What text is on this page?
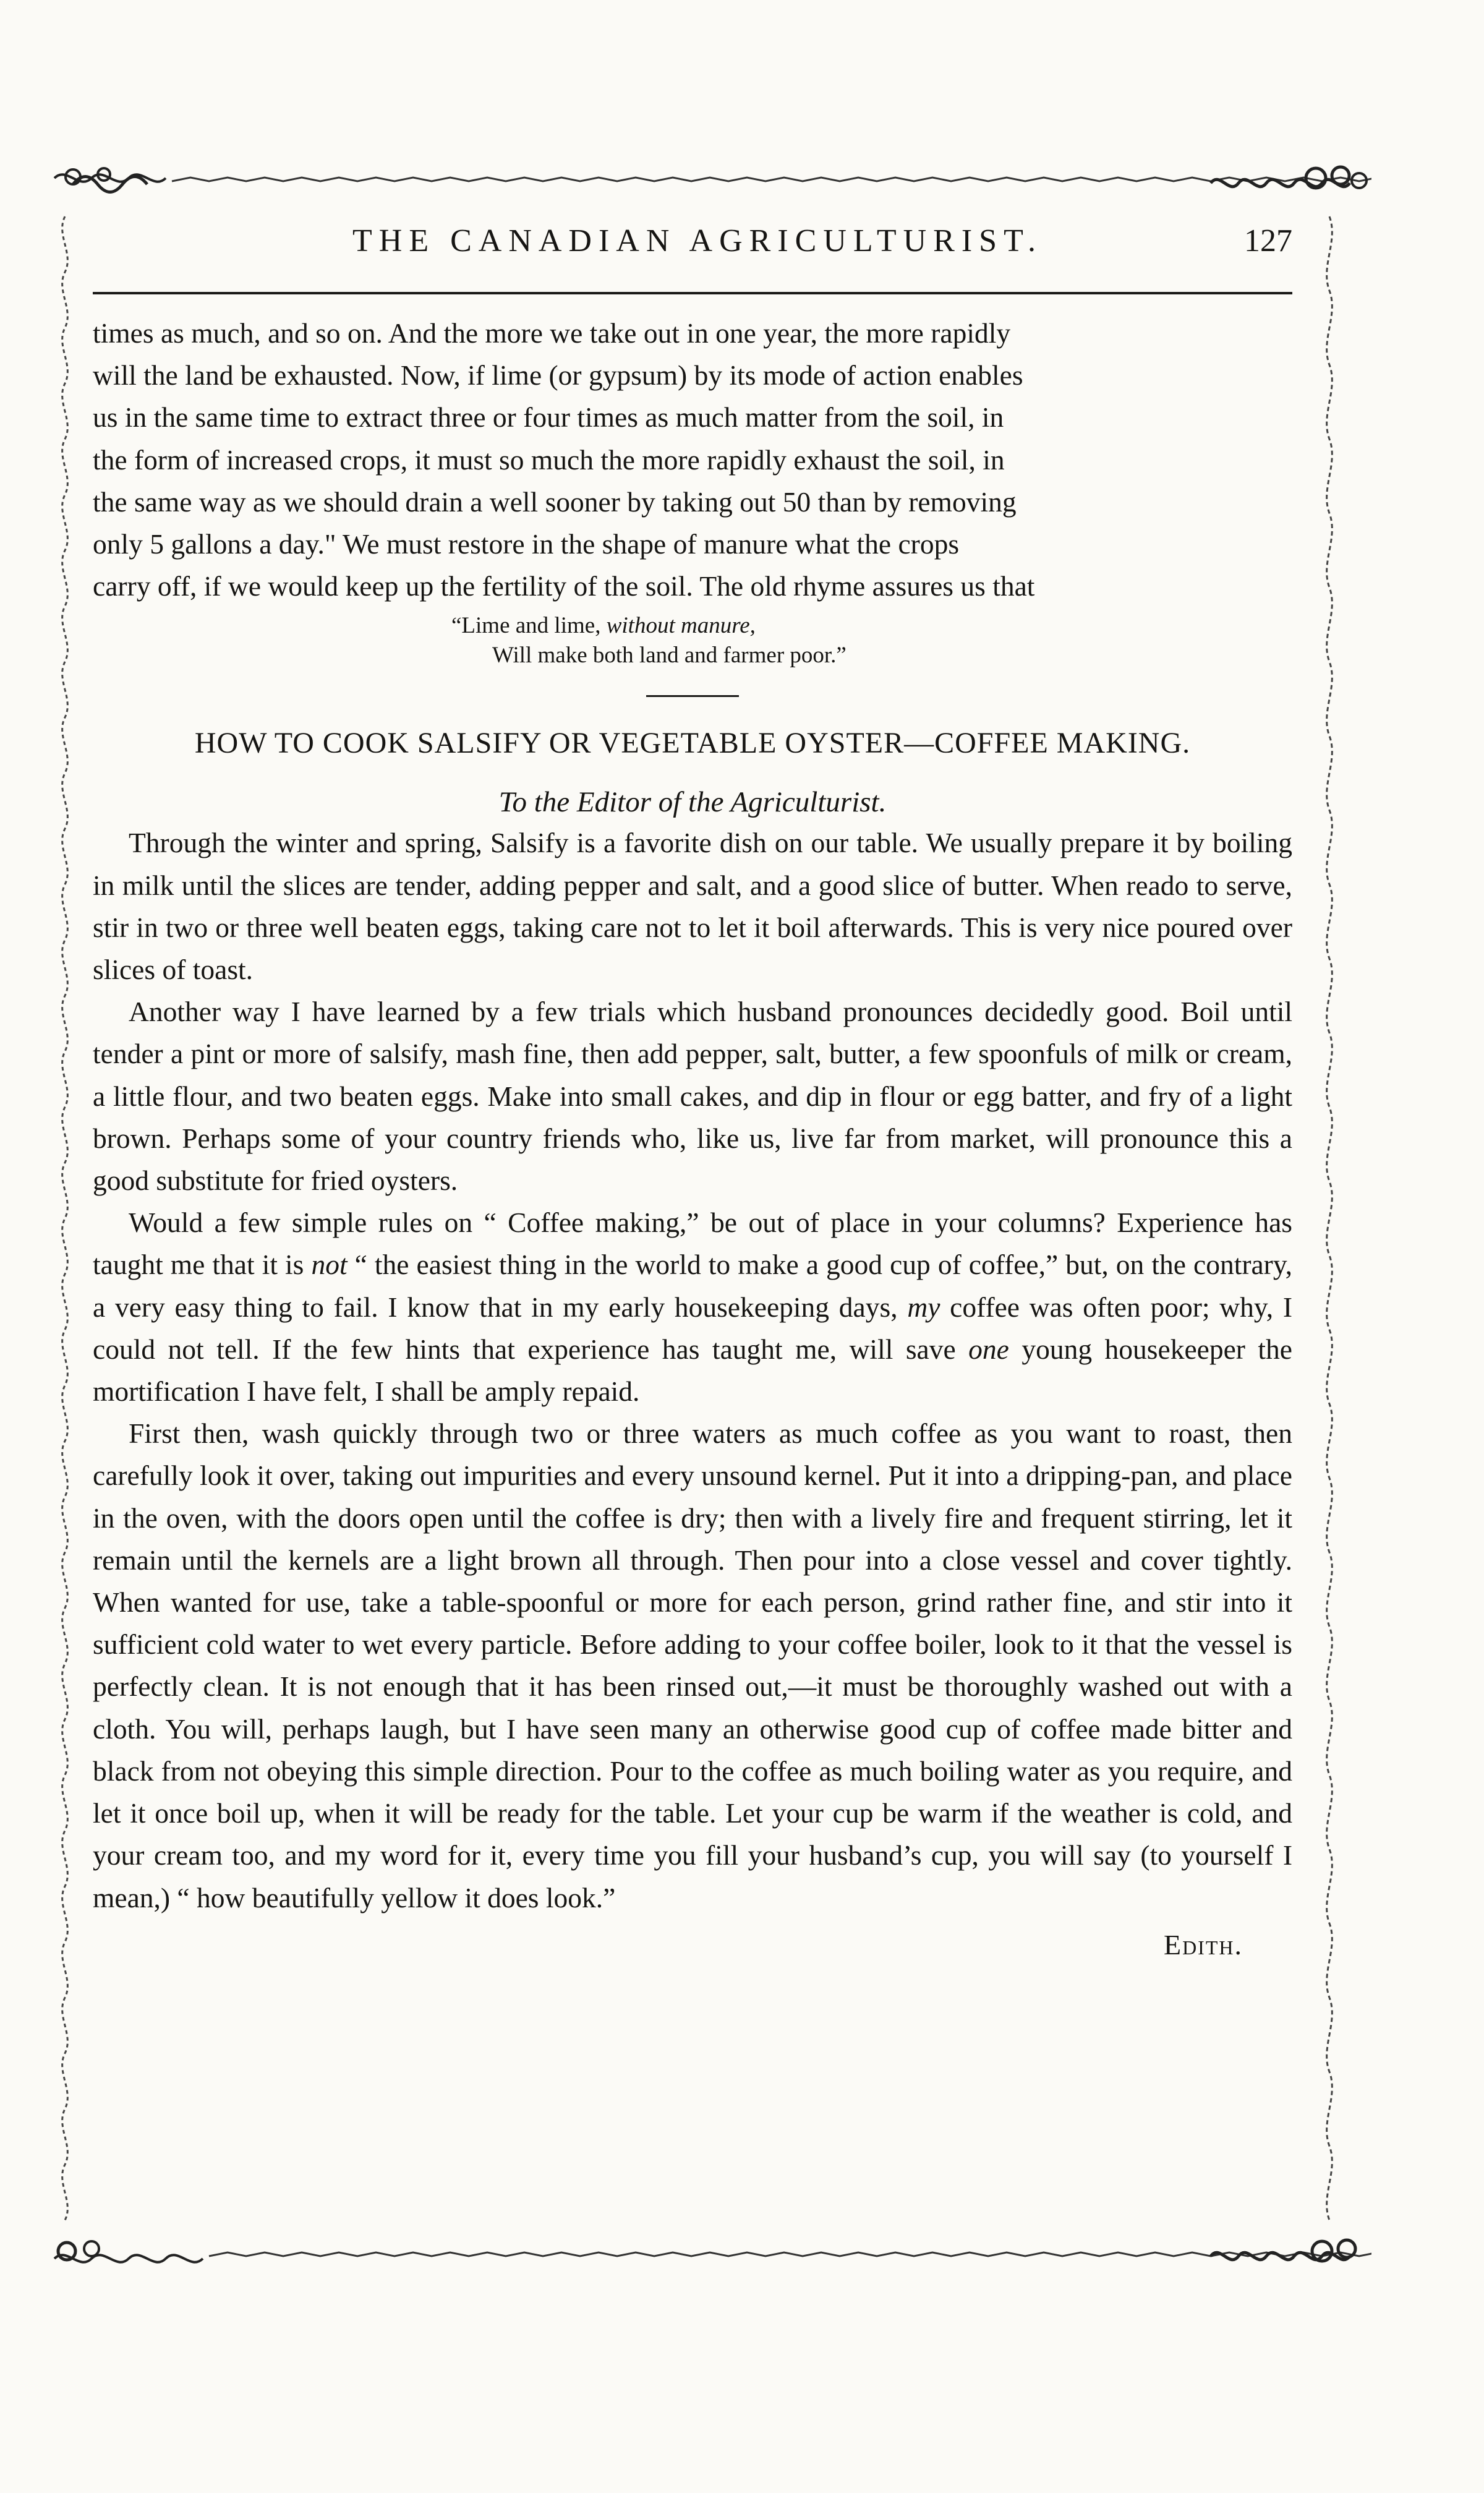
THE CANADIAN AGRICULTURIST.	127

times as much, and so on. And the more we take out in one year, the more rapidly

will the land be exhausted. Now, if lime (or gypsum) by its mode of action enables

us in the same time to extract three or four times as much matter from the soil, in

the form of increased crops, it must so much the more rapidly exhaust the soil, in

the same way as we should drain a well sooner by taking out 50 than by removing

only 5 gallons a day." We must restore in the shape of manure what the crops

carry off, if we would keep up the fertility of the soil. The old rhyme assures us that

“Lime and lime, without manure,
Will make both land and farmer poor.”
HOW TO COOK SALSIFY OR VEGETABLE OYSTER—COFFEE MAKING.
To the Editor of the Agriculturist.

Through the winter and spring, Salsify is a favorite dish on our table. We usually prepare it by boiling in milk until the slices are tender, adding pepper and salt, and a good slice of butter. When reado to serve, stir in two or three well beaten eggs, taking care not to let it boil afterwards. This is very nice poured over slices of toast.

Another way I have learned by a few trials which husband pronounces decidedly good. Boil until tender a pint or more of salsify, mash fine, then add pepper, salt, butter, a few spoonfuls of milk or cream, a little flour, and two beaten eggs. Make into small cakes, and dip in flour or egg batter, and fry of a light brown. Perhaps some of your country friends who, like us, live far from market, will pronounce this a good substitute for fried oysters.

Would a few simple rules on “ Coffee making,” be out of place in your columns? Experience has taught me that it is not “ the easiest thing in the world to make a good cup of coffee,” but, on the contrary, a very easy thing to fail. I know that in my early housekeeping days, my coffee was often poor; why, I could not tell. If the few hints that experience has taught me, will save one young housekeeper the mortification I have felt, I shall be amply repaid.

First then, wash quickly through two or three waters as much coffee as you want to roast, then carefully look it over, taking out impurities and every unsound kernel. Put it into a dripping-pan, and place in the oven, with the doors open until the coffee is dry; then with a lively fire and frequent stirring, let it remain until the kernels are a light brown all through. Then pour into a close vessel and cover tightly. When wanted for use, take a table-spoonful or more for each person, grind rather fine, and stir into it sufficient cold water to wet every particle. Before adding to your coffee boiler, look to it that the vessel is perfectly clean. It is not enough that it has been rinsed out,—it must be thoroughly washed out with a cloth. You will, perhaps laugh, but I have seen many an otherwise good cup of coffee made bitter and black from not obeying this simple direction. Pour to the coffee as much boiling water as you require, and let it once boil up, when it will be ready for the table. Let your cup be warm if the weather is cold, and your cream too, and my word for it, every time you fill your husband’s cup, you will say (to yourself I mean,) “ how beautifully yellow it does look.”

Edith.
